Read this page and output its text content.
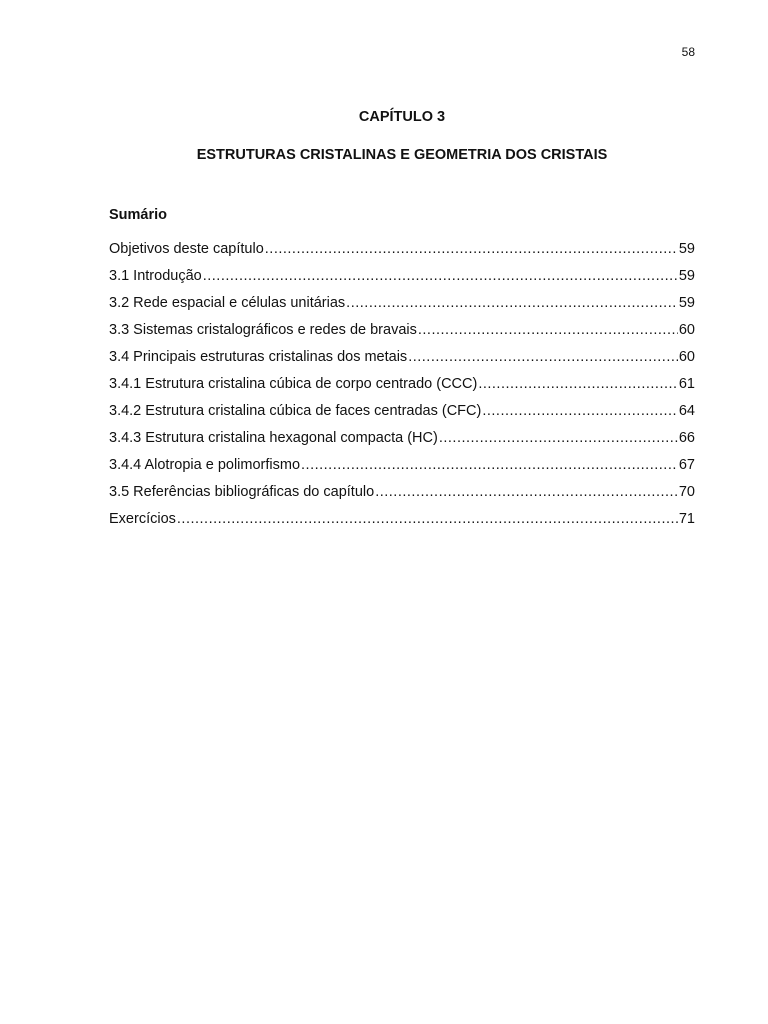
58
CAPÍTULO 3
ESTRUTURAS CRISTALINAS E GEOMETRIA DOS CRISTAIS
Sumário
Objetivos deste capítulo .....	59
3.1 Introdução .....	59
3.2 Rede espacial e células unitárias .....	59
3.3 Sistemas cristalográficos e redes de bravais .....	60
3.4 Principais estruturas cristalinas dos metais .....	60
3.4.1 Estrutura cristalina cúbica de corpo centrado (CCC) .....	61
3.4.2 Estrutura cristalina cúbica de faces centradas (CFC) .....	64
3.4.3 Estrutura cristalina hexagonal compacta (HC) .....	66
3.4.4 Alotropia e polimorfismo .....	67
3.5 Referências bibliográficas do capítulo .....	70
Exercícios .....	71
